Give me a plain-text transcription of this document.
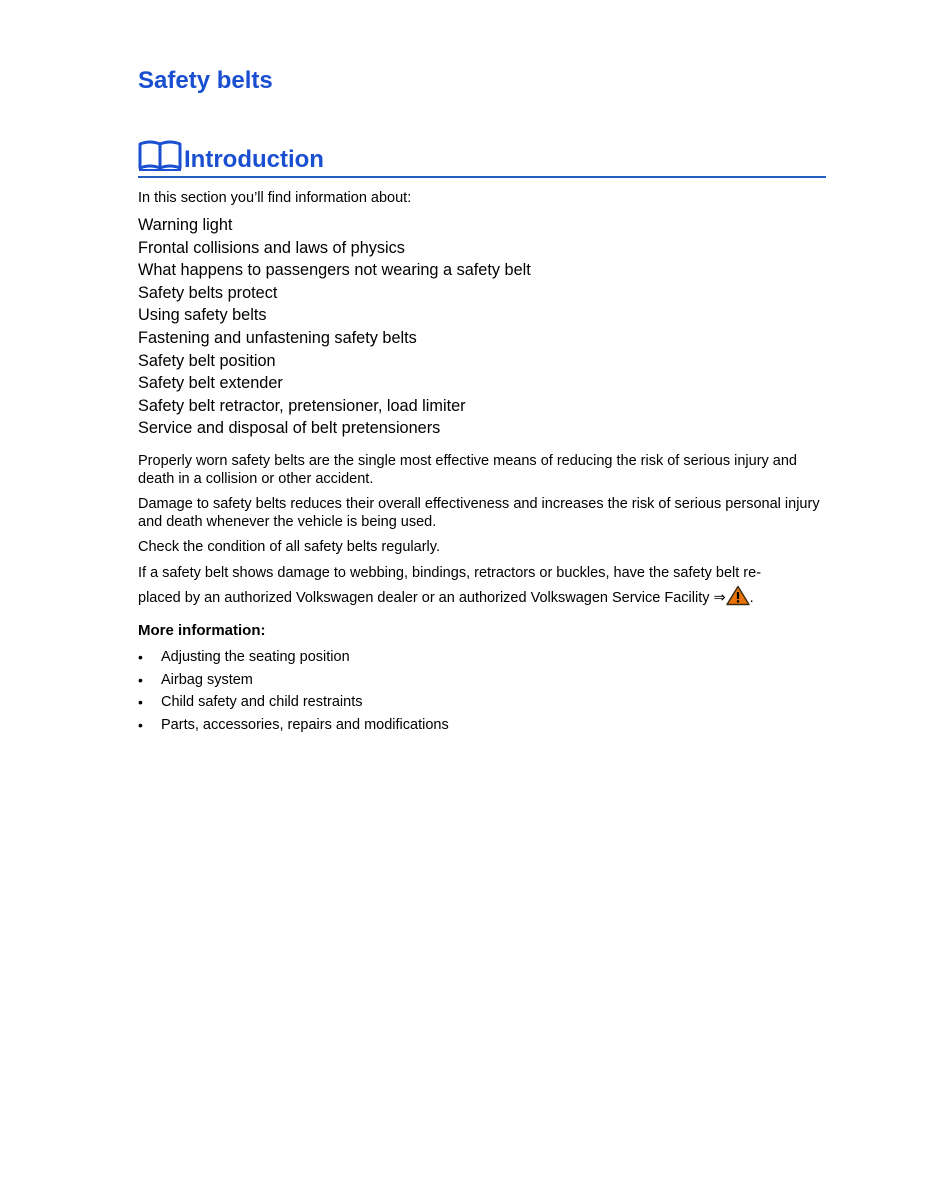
Safety belts
Introduction
In this section you’ll find information about:
Warning light
Frontal collisions and laws of physics
What happens to passengers not wearing a safety belt
Safety belts protect
Using safety belts
Fastening and unfastening safety belts
Safety belt position
Safety belt extender
Safety belt retractor, pretensioner, load limiter
Service and disposal of belt pretensioners

Properly worn safety belts are the single most effective means of reducing the risk of serious injury and death in a collision or other accident.

Damage to safety belts reduces their overall effectiveness and increases the risk of serious personal injury and death whenever the vehicle is being used.

Check the condition of all safety belts regularly.

If a safety belt shows damage to webbing, bindings, retractors or buckles, have the safety belt re-
placed by an authorized Volkswagen dealer or an authorized Volkswagen Service Facility ⇒ .

More information:
• Adjusting the seating position
• Airbag system
• Child safety and child restraints
• Parts, accessories, repairs and modifications
